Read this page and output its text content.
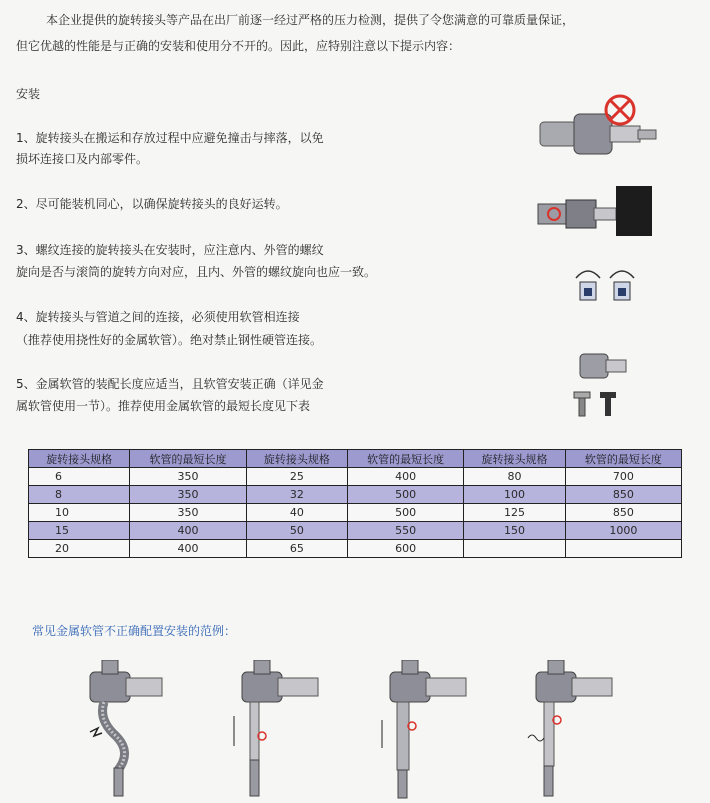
本企业提供的旋转接头等产品在出厂前逐一经过严格的压力检测，提供了令您满意的可靠质量保证，
但它优越的性能是与正确的安装和使用分不开的。因此，应特别注意以下提示内容：
安装
1、旋转接头在搬运和存放过程中应避免撞击与摔落，以免
损坏连接口及内部零件。
2、尽可能装机同心，以确保旋转接头的良好运转。
3、螺纹连接的旋转接头在安装时，应注意内、外管的螺纹
旋向是否与滚筒的旋转方向对应，且内、外管的螺纹旋向也应一致。
4、旋转接头与管道之间的连接，必须使用软管相连接
（推荐使用挠性好的金属软管）。绝对禁止钢性硬管连接。
5、金属软管的装配长度应适当，且软管安装正确（详见金
属软管使用一节）。推荐使用金属软管的最短长度见下表
旋转接头规格	软管的最短长度	旋转接头规格	软管的最短长度	旋转接头规格	软管的最短长度
6	350	25	400	80	700
8	350	32	500	100	850
10	350	40	500	125	850
15	400	50	550	150	1000
20	400	65	600		
常见金属软管不正确配置安装的范例：
